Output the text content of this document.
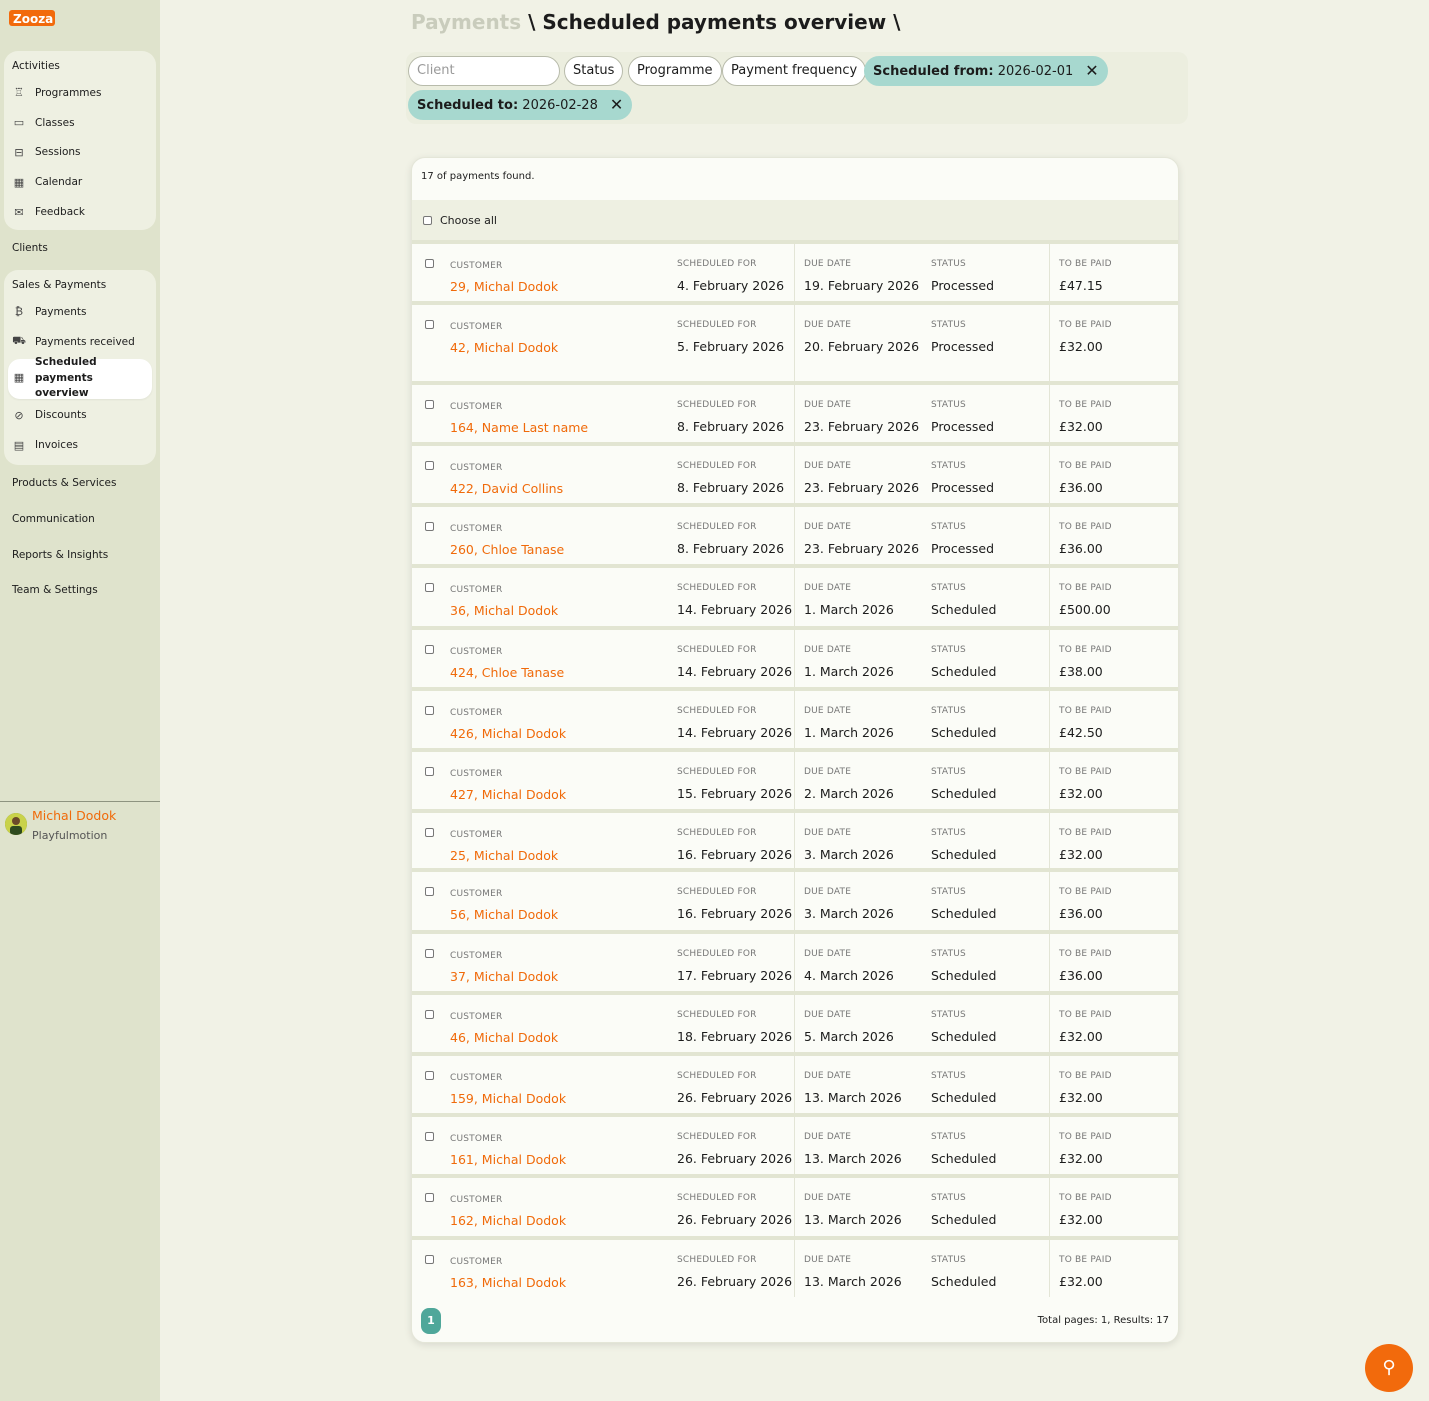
Zooza
Activities
♖ Programmes
▭ Classes
⊟ Sessions
▦ Calendar
✉ Feedback
Clients
Sales & Payments
₿ Payments
⛟ Payments received
▦
Scheduled payments overview
⊘ Discounts
▤ Invoices
Products & Services
Communication
Reports & Insights
Team & Settings
Michal Dodok
Playfulmotion
Payments \ Scheduled payments overview \
Client	Status	Programme	Payment frequency	Scheduled from: 2026-02-01 ✕
Scheduled to: 2026-02-28 ✕
17 of payments found.
Choose all
CUSTOMER
29, Michal Dodok
SCHEDULED FOR
4. February 2026
DUE DATE
19. February 2026
STATUS
Processed
TO BE PAID
£47.15
CUSTOMER
42, Michal Dodok
SCHEDULED FOR
5. February 2026
DUE DATE
20. February 2026
STATUS
Processed
TO BE PAID
£32.00
CUSTOMER
164, Name Last name
SCHEDULED FOR
8. February 2026
DUE DATE
23. February 2026
STATUS
Processed
TO BE PAID
£32.00
CUSTOMER
422, David Collins
SCHEDULED FOR
8. February 2026
DUE DATE
23. February 2026
STATUS
Processed
TO BE PAID
£36.00
CUSTOMER
260, Chloe Tanase
SCHEDULED FOR
8. February 2026
DUE DATE
23. February 2026
STATUS
Processed
TO BE PAID
£36.00
CUSTOMER
36, Michal Dodok
SCHEDULED FOR
14. February 2026
DUE DATE
1. March 2026
STATUS
Scheduled
TO BE PAID
£500.00
CUSTOMER
424, Chloe Tanase
SCHEDULED FOR
14. February 2026
DUE DATE
1. March 2026
STATUS
Scheduled
TO BE PAID
£38.00
CUSTOMER
426, Michal Dodok
SCHEDULED FOR
14. February 2026
DUE DATE
1. March 2026
STATUS
Scheduled
TO BE PAID
£42.50
CUSTOMER
427, Michal Dodok
SCHEDULED FOR
15. February 2026
DUE DATE
2. March 2026
STATUS
Scheduled
TO BE PAID
£32.00
CUSTOMER
25, Michal Dodok
SCHEDULED FOR
16. February 2026
DUE DATE
3. March 2026
STATUS
Scheduled
TO BE PAID
£32.00
CUSTOMER
56, Michal Dodok
SCHEDULED FOR
16. February 2026
DUE DATE
3. March 2026
STATUS
Scheduled
TO BE PAID
£36.00
CUSTOMER
37, Michal Dodok
SCHEDULED FOR
17. February 2026
DUE DATE
4. March 2026
STATUS
Scheduled
TO BE PAID
£36.00
CUSTOMER
46, Michal Dodok
SCHEDULED FOR
18. February 2026
DUE DATE
5. March 2026
STATUS
Scheduled
TO BE PAID
£32.00
CUSTOMER
159, Michal Dodok
SCHEDULED FOR
26. February 2026
DUE DATE
13. March 2026
STATUS
Scheduled
TO BE PAID
£32.00
CUSTOMER
161, Michal Dodok
SCHEDULED FOR
26. February 2026
DUE DATE
13. March 2026
STATUS
Scheduled
TO BE PAID
£32.00
CUSTOMER
162, Michal Dodok
SCHEDULED FOR
26. February 2026
DUE DATE
13. March 2026
STATUS
Scheduled
TO BE PAID
£32.00
CUSTOMER
163, Michal Dodok
SCHEDULED FOR
26. February 2026
DUE DATE
13. March 2026
STATUS
Scheduled
TO BE PAID
£32.00
1	Total pages: 1, Results: 17
⚲
